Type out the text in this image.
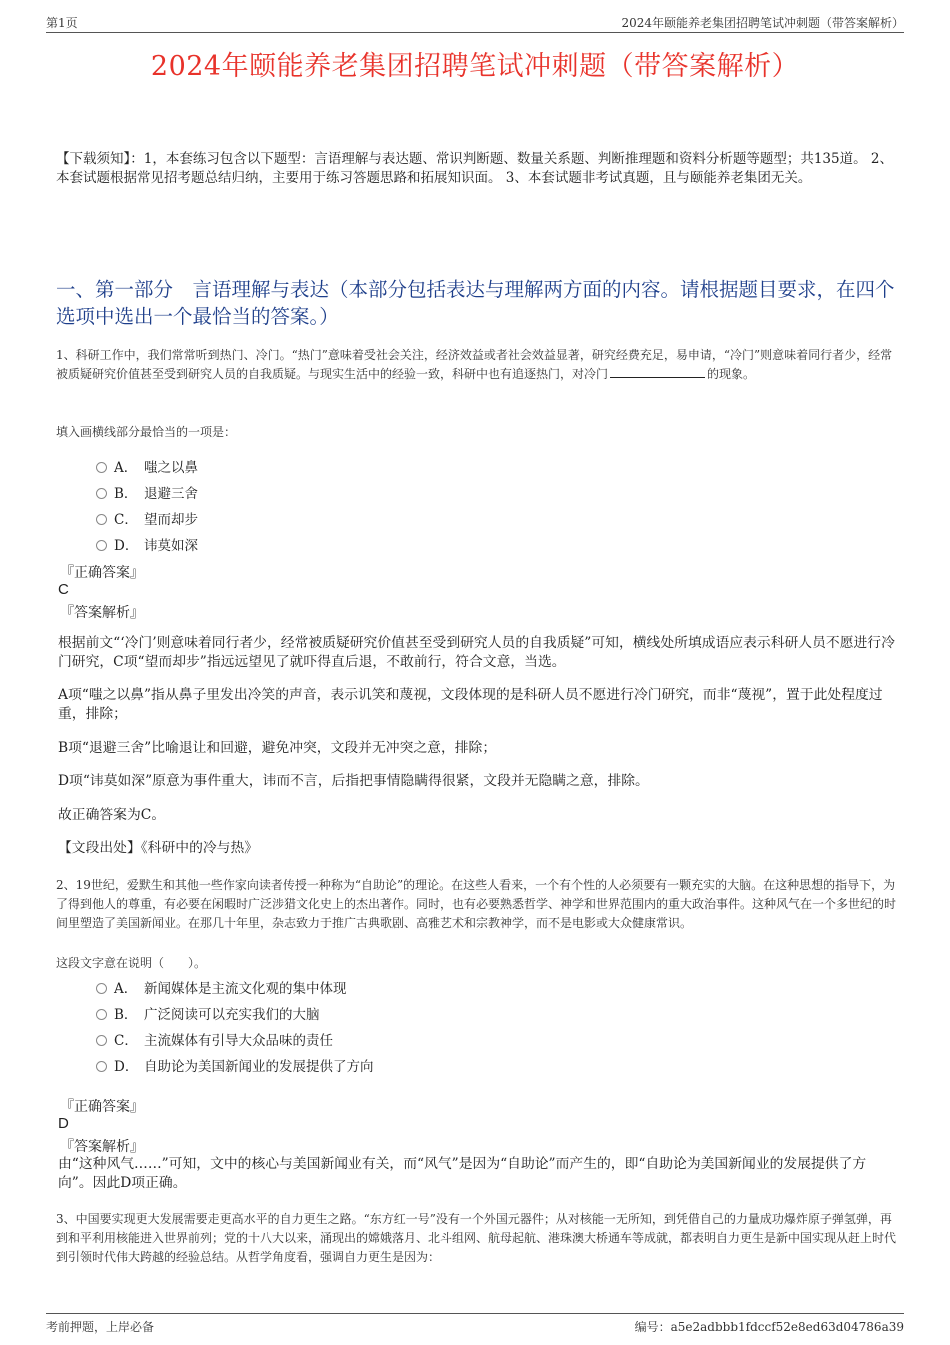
第1页	2024年颐能养老集团招聘笔试冲刺题（带答案解析）
2024年颐能养老集团招聘笔试冲刺题（带答案解析）
【下载须知】：1，本套练习包含以下题型：言语理解与表达题、常识判断题、数量关系题、判断推理题和资料分析题等题型；共135道。 2、本套试题根据常见招考题总结归纳，主要用于练习答题思路和拓展知识面。 3、本套试题非考试真题，且与颐能养老集团无关。
一、第一部分　言语理解与表达（本部分包括表达与理解两方面的内容。请根据题目要求，在四个选项中选出一个最恰当的答案。）
1、科研工作中，我们常常听到热门、冷门。“热门”意味着受社会关注，经济效益或者社会效益显著，研究经费充足，易申请，“冷门”则意味着同行者少，经常被质疑研究价值甚至受到研究人员的自我质疑。与现实生活中的经验一致，科研中也有追逐热门，对冷门	的现象。
填入画横线部分最恰当的一项是：
A． 嗤之以鼻
B． 退避三舍
C． 望而却步
D． 讳莫如深
『正确答案』
C
『答案解析』
根据前文“‘冷门’则意味着同行者少，经常被质疑研究价值甚至受到研究人员的自我质疑”可知，横线处所填成语应表示科研人员不愿进行冷门研究，C项“望而却步”指远远望见了就吓得直后退，不敢前行，符合文意，当选。
A项“嗤之以鼻”指从鼻子里发出冷笑的声音，表示讥笑和蔑视，文段体现的是科研人员不愿进行冷门研究，而非“蔑视”，置于此处程度过重，排除；
B项“退避三舍”比喻退让和回避，避免冲突，文段并无冲突之意，排除；
D项“讳莫如深”原意为事件重大，讳而不言，后指把事情隐瞒得很紧，文段并无隐瞒之意，排除。
故正确答案为C。
【文段出处】《科研中的冷与热》
2、19世纪，爱默生和其他一些作家向读者传授一种称为“自助论”的理论。在这些人看来，一个有个性的人必须要有一颗充实的大脑。在这种思想的指导下，为了得到他人的尊重，有必要在闲暇时广泛涉猎文化史上的杰出著作。同时，也有必要熟悉哲学、神学和世界范围内的重大政治事件。这种风气在一个多世纪的时间里塑造了美国新闻业。在那几十年里，杂志致力于推广古典歌剧、高雅艺术和宗教神学，而不是电影或大众健康常识。
这段文字意在说明（　　）。
A． 新闻媒体是主流文化观的集中体现
B． 广泛阅读可以充实我们的大脑
C． 主流媒体有引导大众品味的责任
D． 自助论为美国新闻业的发展提供了方向
『正确答案』
D
『答案解析』
由“这种风气……”可知，文中的核心与美国新闻业有关，而“风气”是因为“自助论”而产生的，即“自助论为美国新闻业的发展提供了方向”。因此D项正确。
3、中国要实现更大发展需要走更高水平的自力更生之路。“东方红一号”没有一个外国元器件；从对核能一无所知，到凭借自己的力量成功爆炸原子弹氢弹，再到和平利用核能进入世界前列；党的十八大以来，涌现出的嫦娥落月、北斗组网、航母起航、港珠澳大桥通车等成就，都表明自力更生是新中国实现从赶上时代到引领时代伟大跨越的经验总结。从哲学角度看，强调自力更生是因为：
考前押题，上岸必备	编号：a5e2adbbb1fdccf52e8ed63d04786a39
